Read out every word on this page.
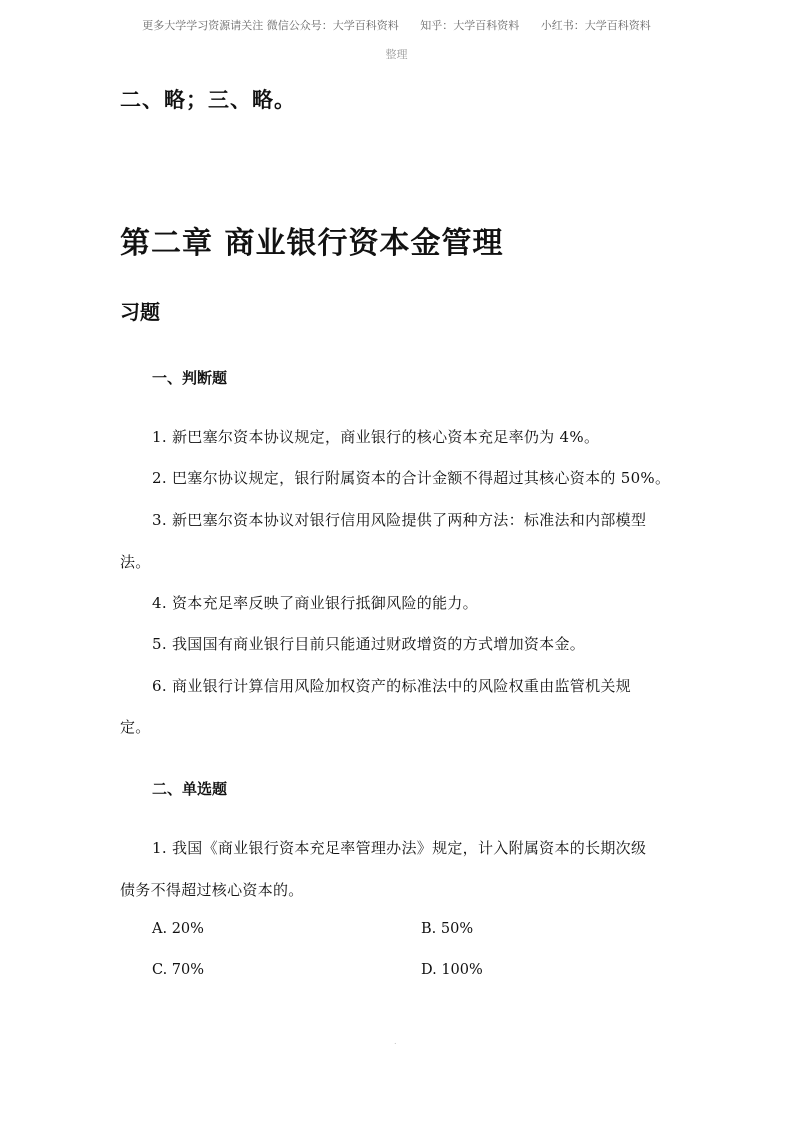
更多大学学习资源请关注 微信公众号：大学百科资料 知乎：大学百科资料 小红书：大学百科资料
整理
二、略；三、略。
第二章 商业银行资本金管理
习题
一、判断题
1. 新巴塞尔资本协议规定，商业银行的核心资本充足率仍为 4%。
2. 巴塞尔协议规定，银行附属资本的合计金额不得超过其核心资本的 50%。
3. 新巴塞尔资本协议对银行信用风险提供了两种方法：标准法和内部模型
法。
4. 资本充足率反映了商业银行抵御风险的能力。
5. 我国国有商业银行目前只能通过财政增资的方式增加资本金。
6. 商业银行计算信用风险加权资产的标准法中的风险权重由监管机关规
定。
二、单选题
1. 我国《商业银行资本充足率管理办法》规定，计入附属资本的长期次级
债务不得超过核心资本的。
A. 20%	B. 50%
C. 70%	D. 100%
.
